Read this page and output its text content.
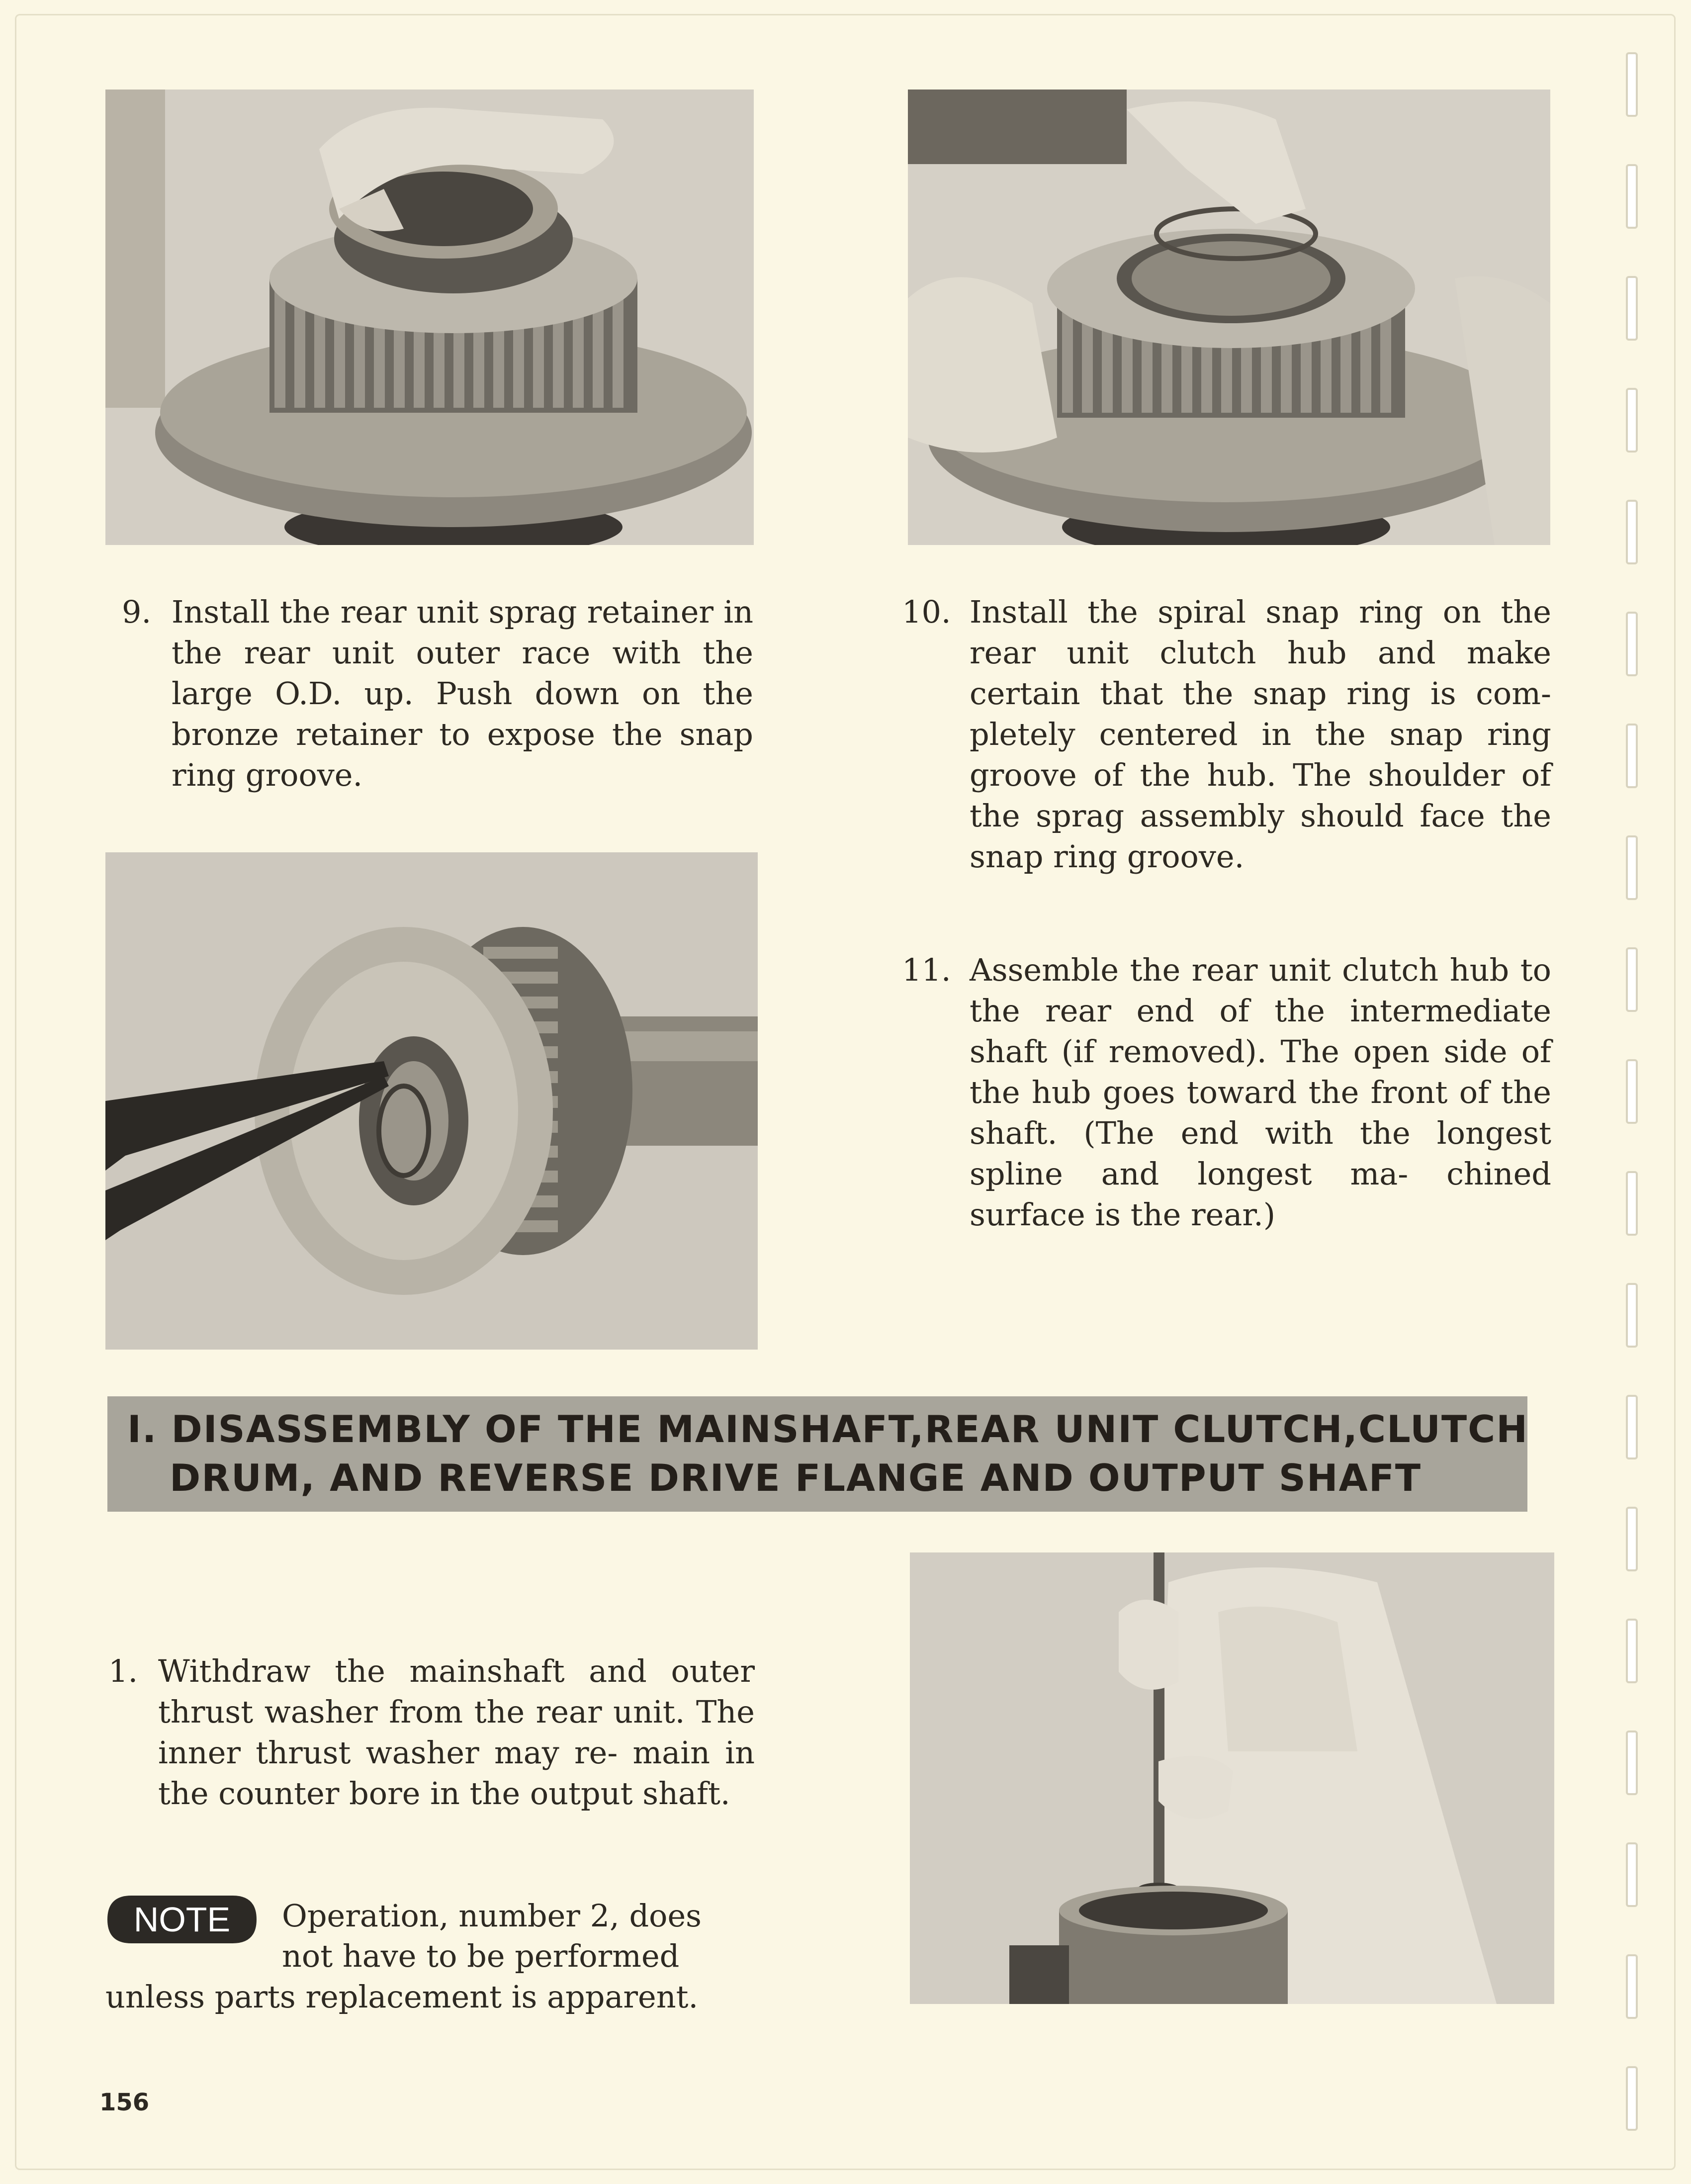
9. Install the rear unit sprag retainer in the rear unit outer race with the large O.D. up. Push down on the bronze retainer to expose the snap ring groove.
10. Install the spiral snap ring on the rear unit clutch hub and make certain that the snap ring is com- pletely centered in the snap ring groove of the hub. The shoulder of the sprag assembly should face the snap ring groove.
11. Assemble the rear unit clutch hub to the rear end of the intermediate shaft (if removed). The open side of the hub goes toward the front of the shaft. (The end with the longest spline and longest ma- chined surface is the rear.)
I. DISASSEMBLY OF THE MAINSHAFT,REAR UNIT CLUTCH,CLUTCH
DRUM, AND REVERSE DRIVE FLANGE AND OUTPUT SHAFT
1. Withdraw the mainshaft and outer thrust washer from the rear unit. The inner thrust washer may re- main in the counter bore in the output shaft.
NOTE Operation, number 2, does
not have to be performed
unless parts replacement is apparent.
156
